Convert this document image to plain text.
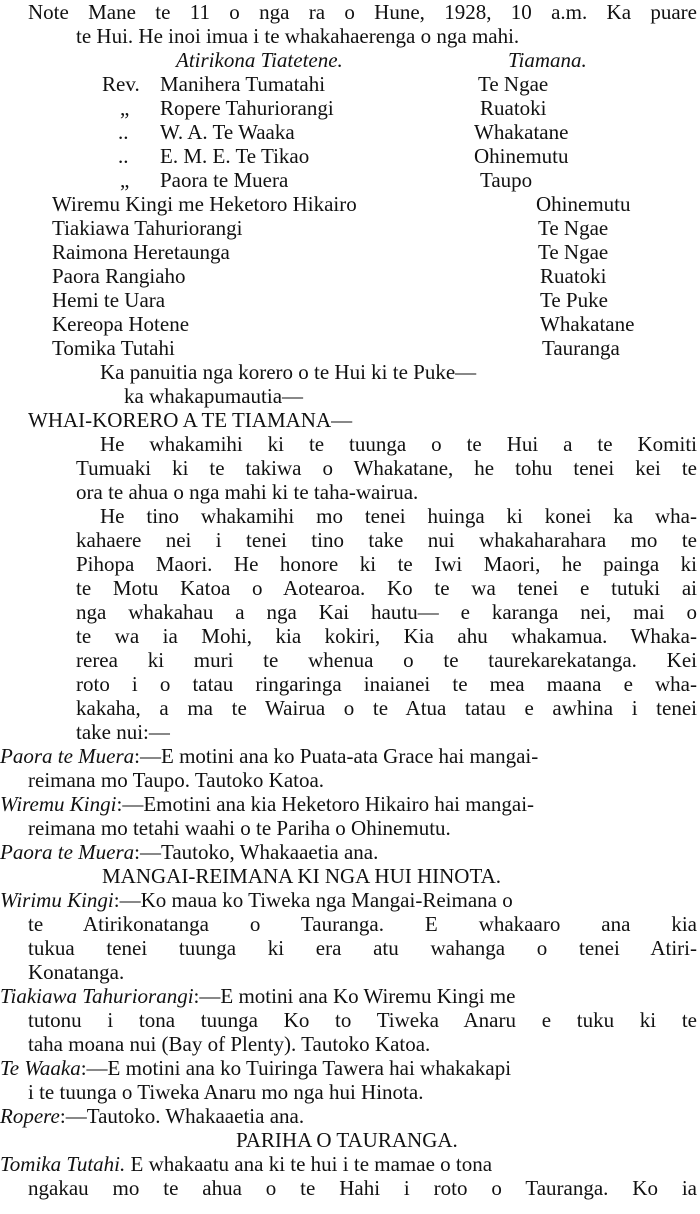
Note Mane te 11 o nga ra o Hune, 1928, 10 a.m. Ka puare
te Hui. He inoi imua i te whakahaerenga o nga mahi.
Atirikona Tiatetene.	Tiamana.
Rev. Manihera Tumatahi	Te Ngae
„ Ropere Tahuriorangi	Ruatoki
.. W. A. Te Waaka	Whakatane
.. E. M. E. Te Tikao	Ohinemutu
„ Paora te Muera	Taupo
Wiremu Kingi me Heketoro Hikairo	Ohinemutu
Tiakiawa Tahuriorangi	Te Ngae
Raimona Heretaunga	Te Ngae
Paora Rangiaho	Ruatoki
Hemi te Uara	Te Puke
Kereopa Hotene	Whakatane
Tomika Tutahi	Tauranga
Ka panuitia nga korero o te Hui ki te Puke—
ka whakapumautia—
WHAI-KORERO A TE TIAMANA—
He whakamihi ki te tuunga o te Hui a te Komiti
Tumuaki ki te takiwa o Whakatane, he tohu tenei kei te
ora te ahua o nga mahi ki te taha-wairua.
He tino whakamihi mo tenei huinga ki konei ka wha-
kahaere nei i tenei tino take nui whakaharahara mo te
Pihopa Maori. He honore ki te Iwi Maori, he painga ki
te Motu Katoa o Aotearoa. Ko te wa tenei e tutuki ai
nga whakahau a nga Kai hautu— e karanga nei, mai o
te wa ia Mohi, kia kokiri, Kia ahu whakamua. Whaka-
rerea ki muri te whenua o te taurekarekatanga. Kei
roto i o tatau ringaringa inaianei te mea maana e wha-
kakaha, a ma te Wairua o te Atua tatau e awhina i tenei
take nui:—
Paora te Muera:—E motini ana ko Puata-ata Grace hai mangai-
reimana mo Taupo. Tautoko Katoa.
Wiremu Kingi:—Emotini ana kia Heketoro Hikairo hai mangai-
reimana mo tetahi waahi o te Pariha o Ohinemutu.
Paora te Muera:—Tautoko, Whakaaetia ana.
MANGAI-REIMANA KI NGA HUI HINOTA.
Wirimu Kingi:—Ko maua ko Tiweka nga Mangai-Reimana o
te Atirikonatanga o Tauranga. E whakaaro ana kia
tukua tenei tuunga ki era atu wahanga o tenei Atiri-
Konatanga.
Tiakiawa Tahuriorangi:—E motini ana Ko Wiremu Kingi me
tutonu i tona tuunga Ko to Tiweka Anaru e tuku ki te
taha moana nui (Bay of Plenty). Tautoko Katoa.
Te Waaka:—E motini ana ko Tuiringa Tawera hai whakakapi
i te tuunga o Tiweka Anaru mo nga hui Hinota.
Ropere:—Tautoko. Whakaaetia ana.
PARIHA O TAURANGA.
Tomika Tutahi. E whakaatu ana ki te hui i te mamae o tona
ngakau mo te ahua o te Hahi i roto o Tauranga. Ko ia
